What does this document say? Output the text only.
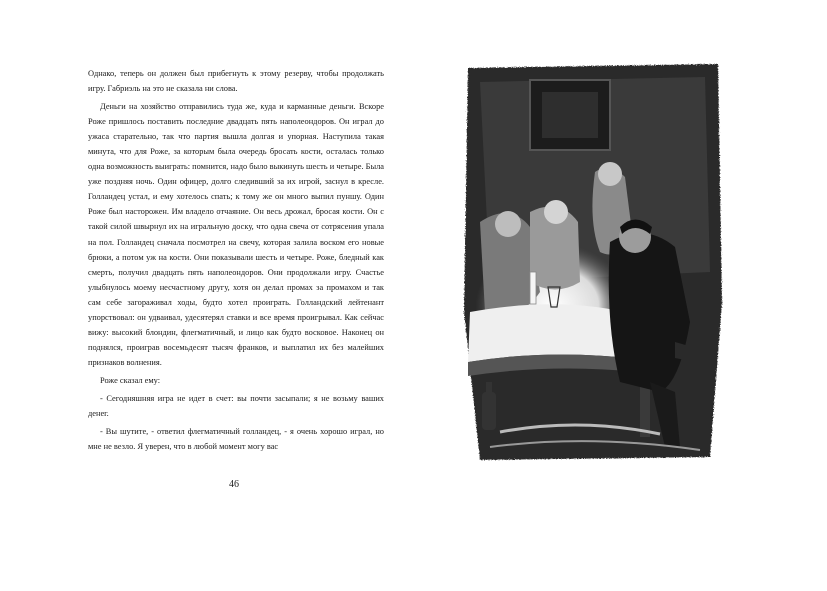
Однако, теперь он должен был прибегнуть к этому резерву, чтобы продолжать игру. Габриэль на это не сказала ни слова.

Деньги на хозяйство отправились туда же, куда и карманные деньги. Вскоре Роже пришлось поставить последние двадцать пять наполеондоров. Он играл до ужаса старательно, так что партия вышла долгая и упорная. Наступила такая минута, что для Роже, за которым была очередь бросать кости, осталась только одна возможность выиграть: помнится, надо было выкинуть шесть и четыре. Была уже поздняя ночь. Один офицер, долго следивший за их игрой, заснул в кресле. Голландец устал, и ему хотелось спать; к тому же он много выпил пуншу. Один Роже был насторожен. Им владело отчаяние. Он весь дрожал, бросая кости. Он с такой силой швырнул их на игральную доску, что одна свеча от сотрясения упала на пол. Голландец сначала посмотрел на свечу, которая залила воском его новые брюки, а потом уж на кости. Они показывали шесть и четыре. Роже, бледный как смерть, получил двадцать пять наполеондоров. Они продолжали игру. Счастье улыбнулось моему несчастному другу, хотя он делал промах за промахом и так сам себе загораживал ходы, будто хотел проиграть. Голландский лейтенант упорствовал: он удваивал, удесятерял ставки и все время проигрывал. Как сейчас вижу: высокий блондин, флегматичный, и лицо как будто восковое. Наконец он поднялся, проиграв восемьдесят тысяч франков, и выплатил их без малейших признаков волнения.

Роже сказал ему:

- Сегодняшняя игра не идет в счет: вы почти засыпали; я не возьму ваших денег.

- Вы шутите, - ответил флегматичный голландец, - я очень хорошо играл, но мне не везло. Я уверен, что в любой момент могу вас

46
